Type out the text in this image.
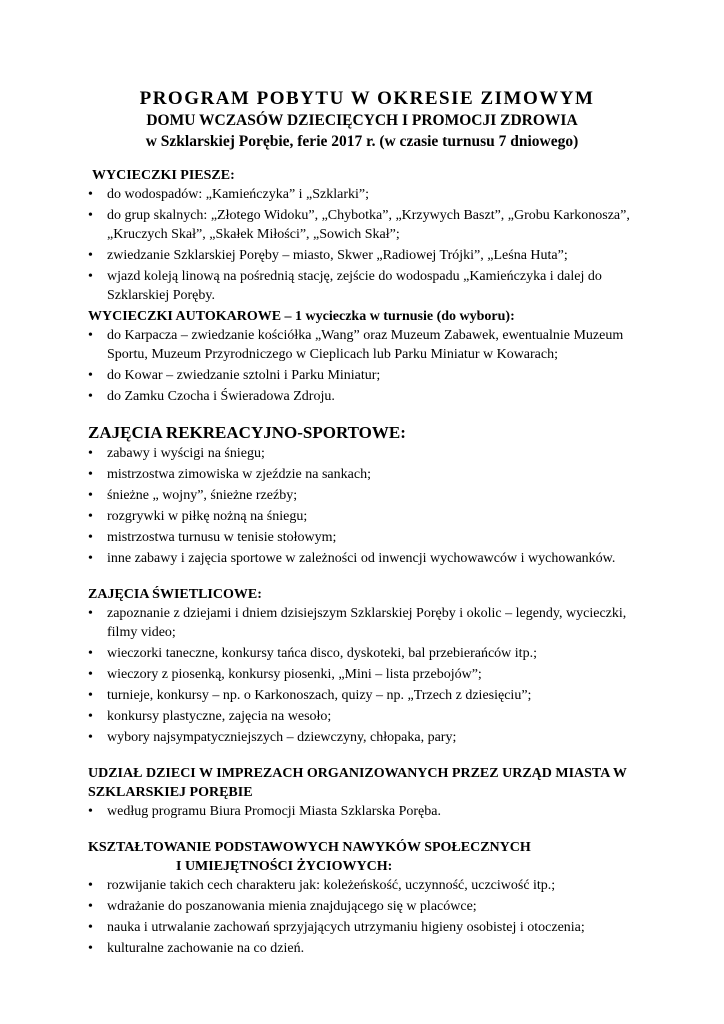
PROGRAM POBYTU W OKRESIE ZIMOWYM
DOMU WCZASÓW DZIECIĘCYCH I PROMOCJI ZDROWIA
w Szklarskiej Porębie, ferie 2017 r. (w czasie turnusu 7 dniowego)
WYCIECZKI PIESZE:
• do wodospadów: „Kamieńczyka” i „Szklarki”;
• do grup skalnych: „Złotego Widoku”, „Chybotka”, „Krzywych Baszt”, „Grobu Karkonosza”, „Kruczych Skał”, „Skałek Miłości”, „Sowich Skał”;
• zwiedzanie Szklarskiej Poręby – miasto, Skwer „Radiowej Trójki”, „Leśna Huta”;
• wjazd koleją linową na pośrednią stację, zejście do wodospadu „Kamieńczyka i dalej do Szklarskiej Poręby.
WYCIECZKI AUTOKAROWE – 1 wycieczka w turnusie (do wyboru):
• do Karpacza – zwiedzanie kościółka „Wang” oraz Muzeum Zabawek, ewentualnie Muzeum Sportu, Muzeum Przyrodniczego w Cieplicach lub Parku Miniatur w Kowarach;
• do Kowar – zwiedzanie sztolni i Parku Miniatur;
• do Zamku Czocha i Świeradowa Zdroju.
ZAJĘCIA REKREACYJNO-SPORTOWE:
• zabawy i wyścigi na śniegu;
• mistrzostwa zimowiska w zjeździe na sankach;
• śnieżne „ wojny”, śnieżne rzeźby;
• rozgrywki w piłkę nożną na śniegu;
• mistrzostwa turnusu w tenisie stołowym;
• inne zabawy i zajęcia sportowe w zależności od inwencji wychowawców i wychowanków.
ZAJĘCIA ŚWIETLICOWE:
• zapoznanie z dziejami i dniem dzisiejszym Szklarskiej Poręby i okolic – legendy, wycieczki, filmy video;
• wieczorki taneczne, konkursy tańca disco, dyskoteki, bal przebierańców itp.;
• wieczory z piosenką, konkursy piosenki, „Mini – lista przebojów”;
• turnieje, konkursy – np. o Karkonoszach, quizy – np. „Trzech z dziesięciu”;
• konkursy plastyczne, zajęcia na wesoło;
• wybory najsympatyczniejszych – dziewczyny, chłopaka, pary;
UDZIAŁ DZIECI W IMPREZACH ORGANIZOWANYCH PRZEZ URZĄD MIASTA W SZKLARSKIEJ PORĘBIE
• według programu Biura Promocji Miasta Szklarska Poręba.
KSZTAŁTOWANIE PODSTAWOWYCH NAWYKÓW SPOŁECZNYCH
I UMIEJĘTNOŚCI ŻYCIOWYCH:
• rozwijanie takich cech charakteru jak: koleżeńskość, uczynność, uczciwość itp.;
• wdrażanie do poszanowania mienia znajdującego się w placówce;
• nauka i utrwalanie zachowań sprzyjających utrzymaniu higieny osobistej i otoczenia;
• kulturalne zachowanie na co dzień.
